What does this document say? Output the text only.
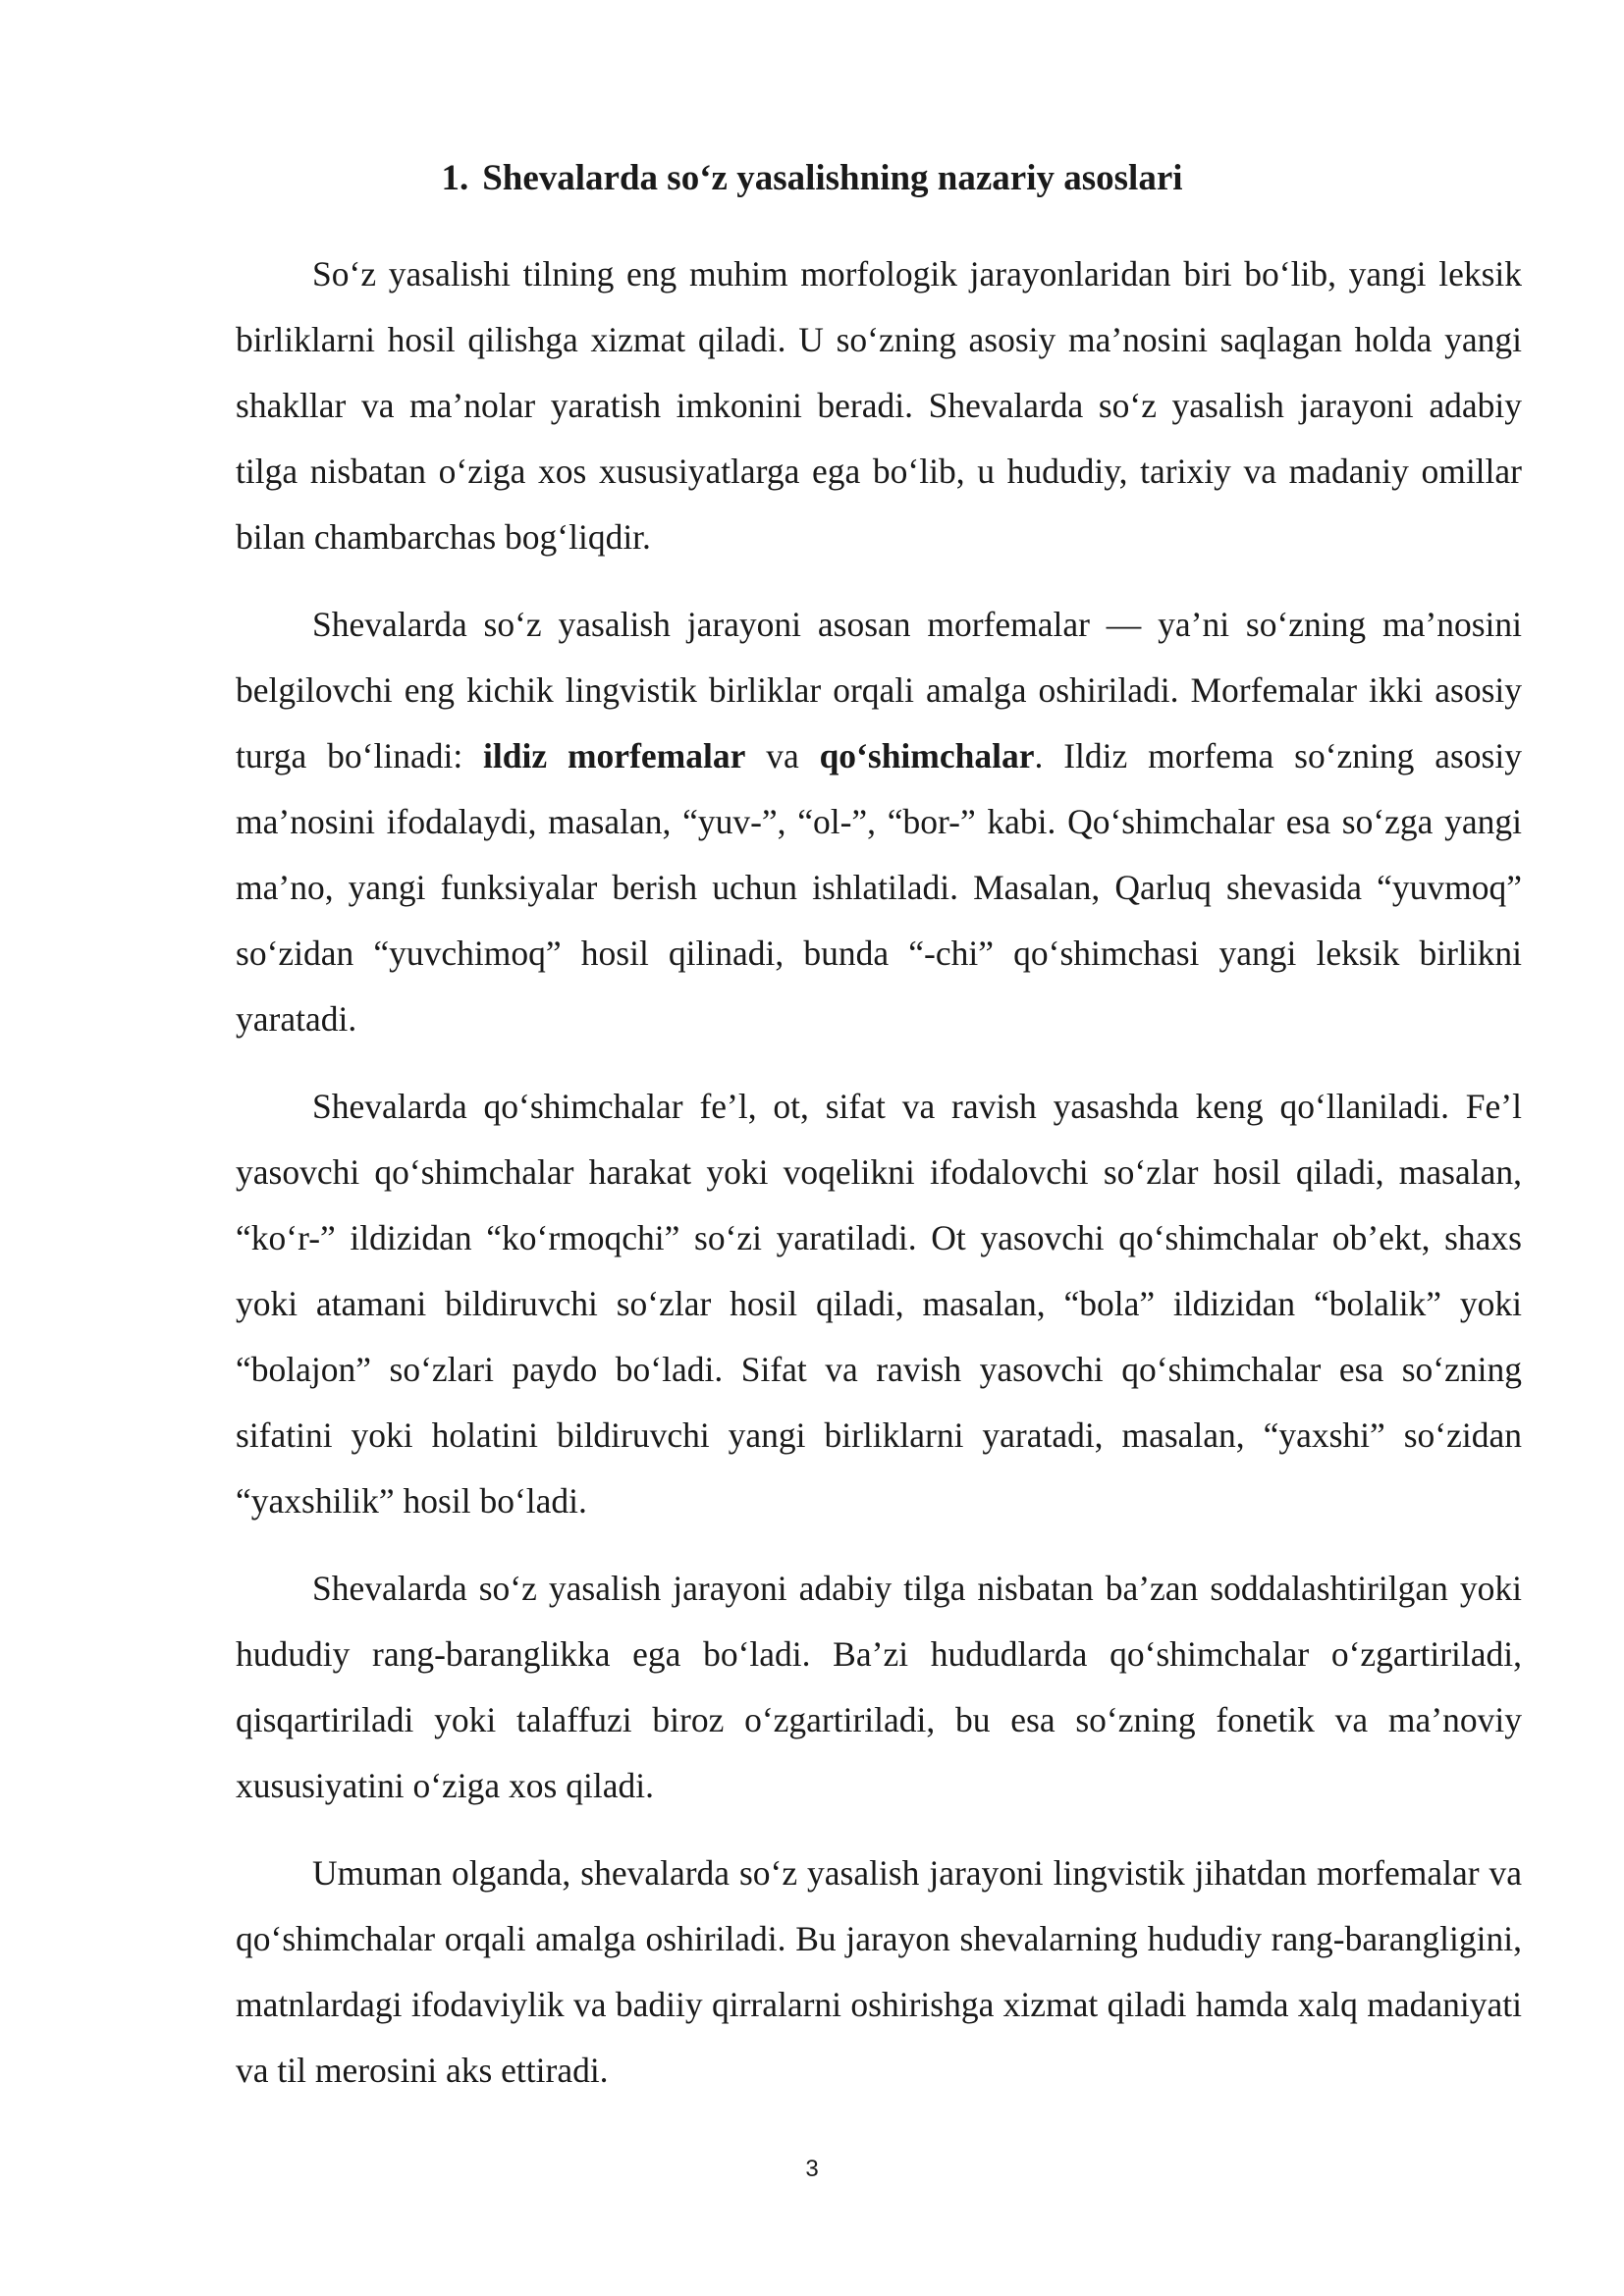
1. Shevalarda so‘z yasalishning nazariy asoslari

So‘z yasalishi tilning eng muhim morfologik jarayonlaridan biri bo‘lib, yangi leksik birliklarni hosil qilishga xizmat qiladi. U so‘zning asosiy ma’nosini saqlagan holda yangi shakllar va ma’nolar yaratish imkonini beradi. Shevalarda so‘z yasalish jarayoni adabiy tilga nisbatan o‘ziga xos xususiyatlarga ega bo‘lib, u hududiy, tarixiy va madaniy omillar bilan chambarchas bog‘liqdir.

Shevalarda so‘z yasalish jarayoni asosan morfemalar — ya’ni so‘zning ma’nosini belgilovchi eng kichik lingvistik birliklar orqali amalga oshiriladi. Morfemalar ikki asosiy turga bo‘linadi: ildiz morfemalar va qo‘shimchalar. Ildiz morfema so‘zning asosiy ma’nosini ifodalaydi, masalan, “yuv-”, “ol-”, “bor-” kabi. Qo‘shimchalar esa so‘zga yangi ma’no, yangi funksiyalar berish uchun ishlatiladi. Masalan, Qarluq shevasida “yuvmoq” so‘zidan “yuvchimoq” hosil qilinadi, bunda “-chi” qo‘shimchasi yangi leksik birlikni yaratadi.

Shevalarda qo‘shimchalar fe’l, ot, sifat va ravish yasashda keng qo‘llaniladi. Fe’l yasovchi qo‘shimchalar harakat yoki voqelikni ifodalovchi so‘zlar hosil qiladi, masalan, “ko‘r-” ildizidan “ko‘rmoqchi” so‘zi yaratiladi. Ot yasovchi qo‘shimchalar ob’ekt, shaxs yoki atamani bildiruvchi so‘zlar hosil qiladi, masalan, “bola” ildizidan “bolalik” yoki “bolajon” so‘zlari paydo bo‘ladi. Sifat va ravish yasovchi qo‘shimchalar esa so‘zning sifatini yoki holatini bildiruvchi yangi birliklarni yaratadi, masalan, “yaxshi” so‘zidan “yaxshilik” hosil bo‘ladi.

Shevalarda so‘z yasalish jarayoni adabiy tilga nisbatan ba’zan soddalashtirilgan yoki hududiy rang-baranglikka ega bo‘ladi. Ba’zi hududlarda qo‘shimchalar o‘zgartiriladi, qisqartiriladi yoki talaffuzi biroz o‘zgartiriladi, bu esa so‘zning fonetik va ma’noviy xususiyatini o‘ziga xos qiladi.

Umuman olganda, shevalarda so‘z yasalish jarayoni lingvistik jihatdan morfemalar va qo‘shimchalar orqali amalga oshiriladi. Bu jarayon shevalarning hududiy rang-barangligini, matnlardagi ifodaviylik va badiiy qirralarni oshirishga xizmat qiladi hamda xalq madaniyati va til merosini aks ettiradi.

3
